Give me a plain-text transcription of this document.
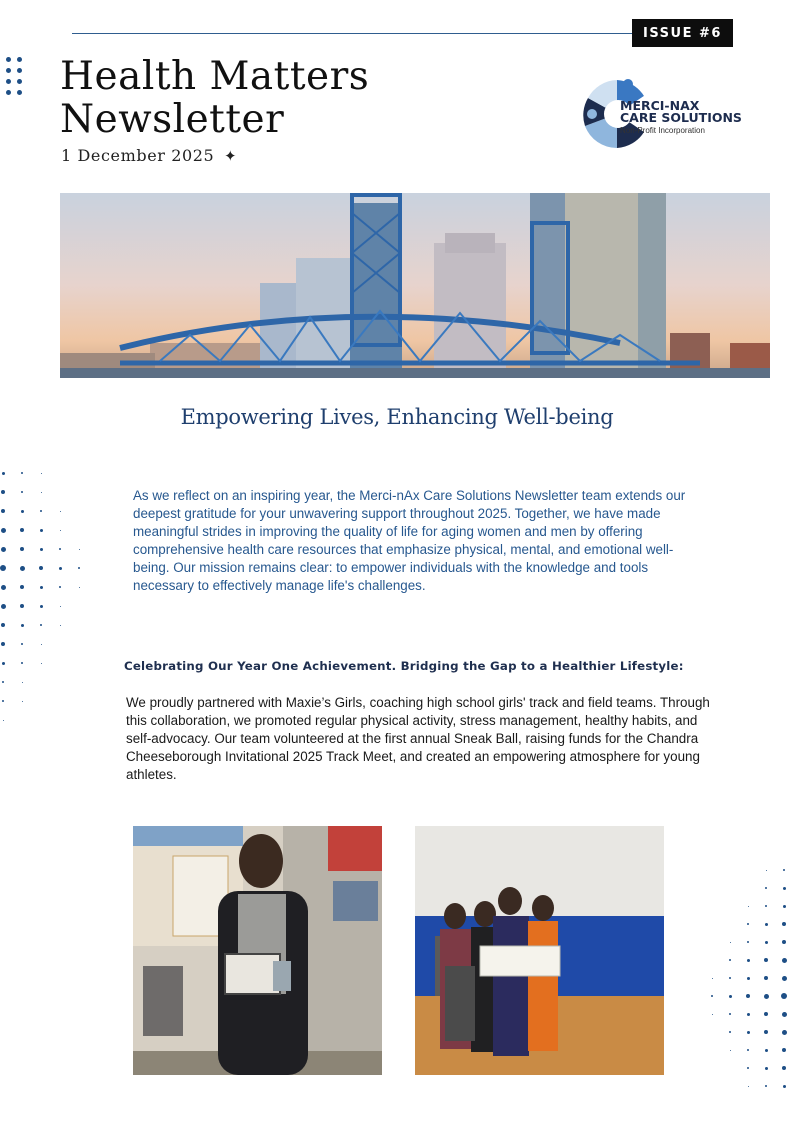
ISSUE #6
Health Matters
Newsletter
1 December 2025 ✦
MERCI-NAX
CARE SOLUTIONS
Non-Profit Incorporation
Empowering Lives, Enhancing Well-being

As we reflect on an inspiring year, the Merci-nAx Care Solutions Newsletter team extends our deepest gratitude for your unwavering support throughout 2025. Together, we have made meaningful strides in improving the quality of life for aging women and men by offering comprehensive health care resources that emphasize physical, mental, and emotional well-being. Our mission remains clear: to empower individuals with the knowledge and tools necessary to effectively manage life's challenges.

Celebrating Our Year One Achievement. Bridging the Gap to a Healthier Lifestyle:

We proudly partnered with Maxie’s Girls, coaching high school girls' track and field teams. Through this collaboration, we promoted regular physical activity, stress management, healthy habits, and self-advocacy. Our team volunteered at the first annual Sneak Ball, raising funds for the Chandra Cheeseborough Invitational 2025 Track Meet, and created an empowering atmosphere for young athletes.
